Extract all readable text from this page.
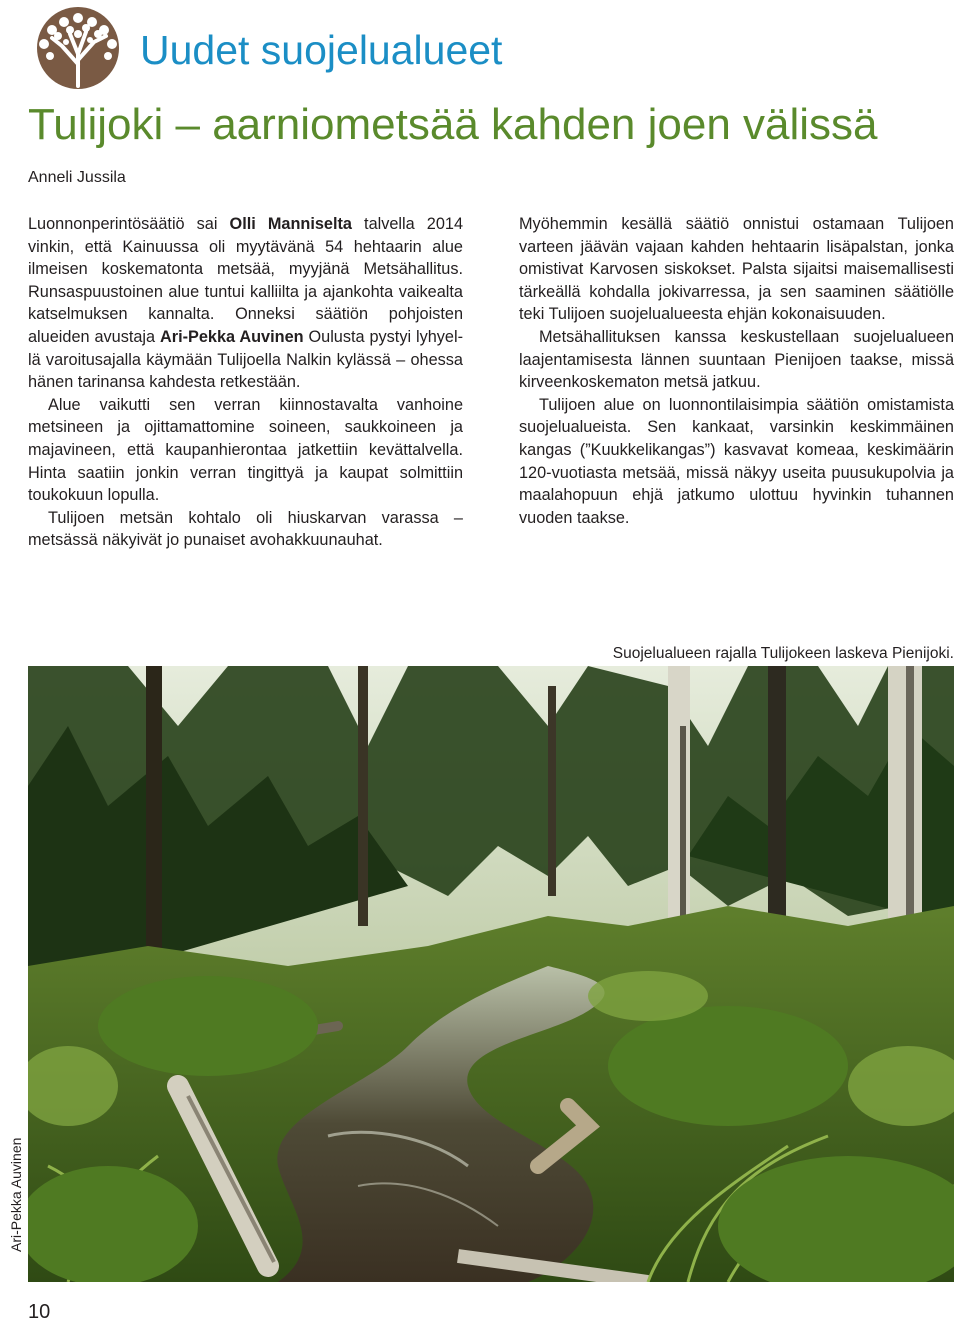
Uudet suojelualueet
Tulijoki – aarniometsää kahden joen välissä
Anneli Jussila

Luonnonperintösäätiö sai Olli Manniselta talvella 2014 vinkin, että Kainuussa oli myytävänä 54 hehtaarin alue ilmeisen koskematonta metsää, myyjänä Metsähallitus. Runsaspuustoinen alue tuntui kalliilta ja ajankohta vaikealta katselmuksen kannalta. Onneksi säätiön pohjoisten alueiden avustaja Ari-Pekka Auvinen Oulusta pystyi lyhyellä varoitusajalla käymään Tulijoella Nalkin kylässä – ohessa hänen tarinansa kahdesta retkestään.

Alue vaikutti sen verran kiinnostavalta vanhoine metsineen ja ojittamattomine soineen, saukkoineen ja majavineen, että kaupanhierontaa jatkettiin kevättalvella. Hinta saatiin jonkin verran tingittyä ja kaupat solmittiin toukokuun lopulla.

Tulijoen metsän kohtalo oli hiuskarvan varassa – metsässä näkyivät jo punaiset avohakkuunauhat.

Myöhemmin kesällä säätiö onnistui ostamaan Tulijoen varteen jäävän vajaan kahden hehtaarin lisäpalstan, jonka omistivat Karvosen siskokset. Palsta sijaitsi maisemallisesti tärkeällä kohdalla jokivarressa, ja sen saaminen säätiölle teki Tulijoen suojelualueesta ehjän kokonaisuuden.

Metsähallituksen kanssa keskustellaan suojelualueen laajentamisesta lännen suuntaan Pienijoen taakse, missä kirveenkoskematon metsä jatkuu.

Tulijoen alue on luonnontilaisimpia säätiön omistamista suojelualueista. Sen kankaat, varsinkin keskimmäinen kangas (”Kuukkelikangas”) kasvavat komeaa, keskimäärin 120-vuotiasta metsää, missä näkyy useita puusukupolvia ja maalahopuun ehjä jatkumo ulottuu hyvinkin tuhannen vuoden taakse.

Suojelualueen rajalla Tulijokeen laskeva Pienijoki.
Ari-Pekka Auvinen
10
